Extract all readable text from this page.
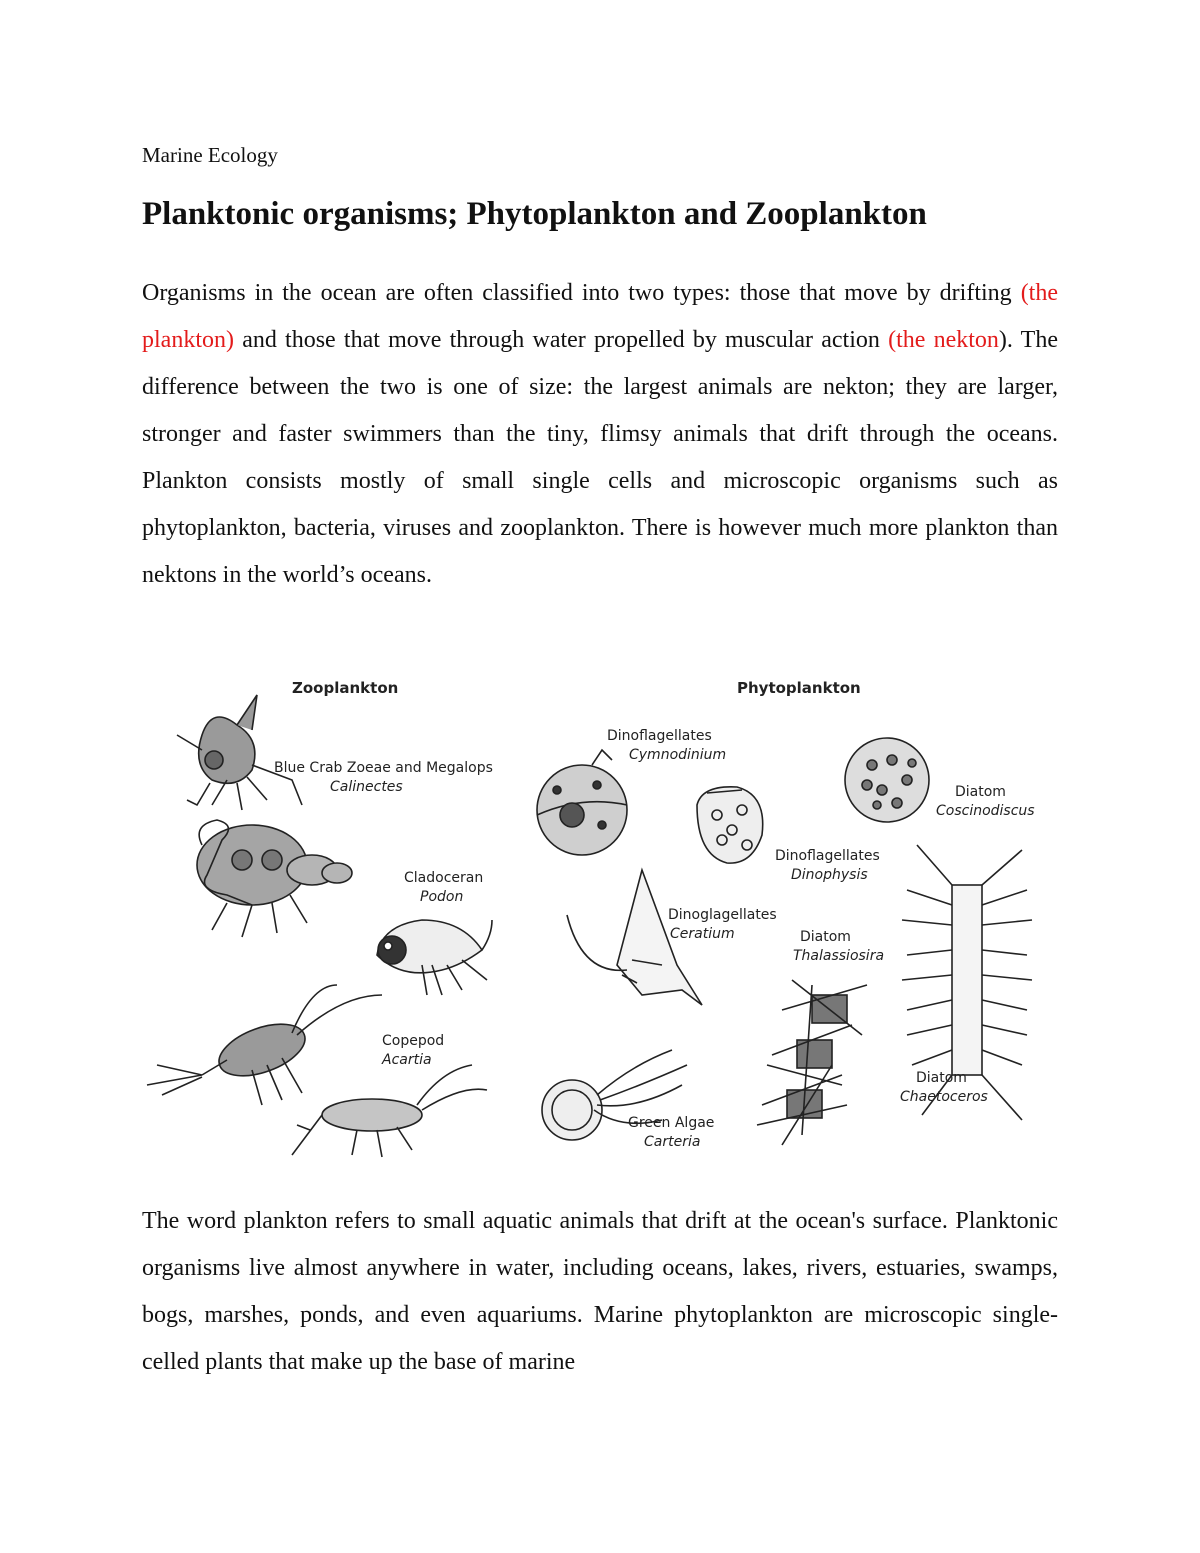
Marine Ecology
Planktonic organisms; Phytoplankton and Zooplankton

Organisms in the ocean are often classified into two types: those that move by drifting (the plankton) and those that move through water propelled by muscular action (the nekton). The difference between the two is one of size: the largest animals are nekton; they are larger, stronger and faster swimmers than the tiny, flimsy animals that drift through the oceans. Plankton consists mostly of small single cells and microscopic organisms such as phytoplankton, bacteria, viruses and zooplankton. There is however much more plankton than nektons in the world’s oceans.

Zooplankton	Phytoplankton
Blue Crab Zoeae and Megalops
Calinectes
Cladoceran
Podon
Copepod
Acartia
Dinoflagellates
Cymnodinium
Diatom
Coscinodiscus
Dinoflagellates
Dinophysis
Dinoglagellates
Ceratium	Diatom
Thalassiosira
Diatom
Chaetoceros
Green Algae
Carteria

The word plankton refers to small aquatic animals that drift at the ocean's surface. Planktonic organisms live almost anywhere in water, including oceans, lakes, rivers, estuaries, swamps, bogs, marshes, ponds, and even aquariums. Marine phytoplankton are microscopic single-celled plants that make up the base of marine
